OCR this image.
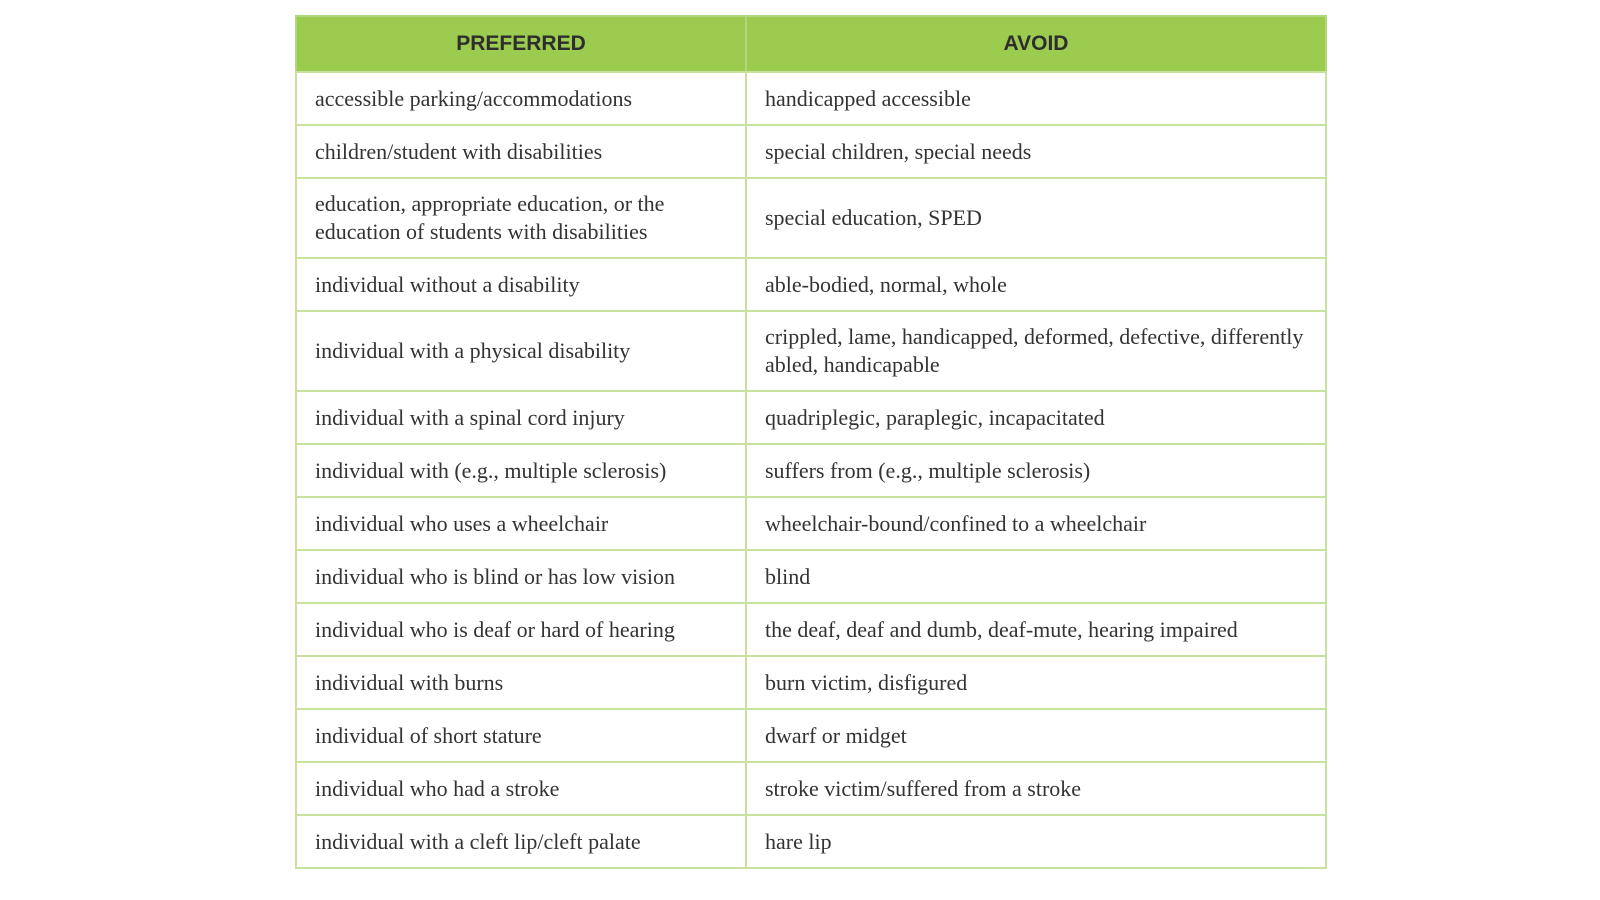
PREFERRED	AVOID
accessible parking/accommodations	handicapped accessible
children/student with disabilities	special children, special needs
education, appropriate education, or the education of students with disabilities	special education, SPED
individual without a disability	able-bodied, normal, whole
individual with a physical disability	crippled, lame, handicapped, deformed, defective, differently abled, handicapable
individual with a spinal cord injury	quadriplegic, paraplegic, incapacitated
individual with (e.g., multiple sclerosis)	suffers from (e.g., multiple sclerosis)
individual who uses a wheelchair	wheelchair-bound/confined to a wheelchair
individual who is blind or has low vision	blind
individual who is deaf or hard of hearing	the deaf, deaf and dumb, deaf-mute, hearing impaired
individual with burns	burn victim, disfigured
individual of short stature	dwarf or midget
individual who had a stroke	stroke victim/suffered from a stroke
individual with a cleft lip/cleft palate	hare lip
